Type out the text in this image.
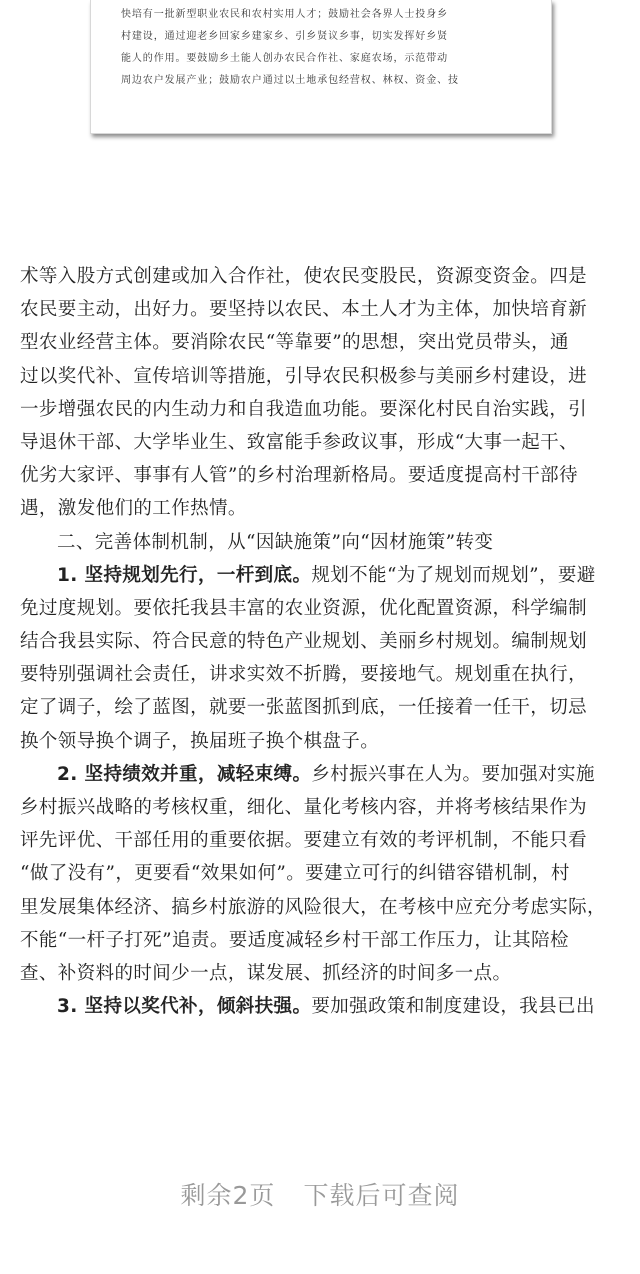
快培有一批新型职业农民和农村实用人才；鼓励社会各界人士投身乡
村建设，通过迎老乡回家乡建家乡、引乡贤议乡事，切实发挥好乡贤
能人的作用。要鼓励乡土能人创办农民合作社、家庭农场，示范带动
周边农户发展产业；鼓励农户通过以土地承包经营权、林权、资金、技
术等入股方式创建或加入合作社，使农民变股民，资源变资金。四是
农民要主动，出好力。要坚持以农民、本土人才为主体，加快培育新
型农业经营主体。要消除农民“等靠要”的思想，突出党员带头，通
过以奖代补、宣传培训等措施，引导农民积极参与美丽乡村建设，进
一步增强农民的内生动力和自我造血功能。要深化村民自治实践，引
导退休干部、大学毕业生、致富能手参政议事，形成“大事一起干、
优劣大家评、事事有人管”的乡村治理新格局。要适度提高村干部待
遇，激发他们的工作热情。
二、完善体制机制，从“因缺施策”向“因材施策”转变
1. 坚持规划先行，一杆到底。规划不能“为了规划而规划”，要避
免过度规划。要依托我县丰富的农业资源，优化配置资源，科学编制
结合我县实际、符合民意的特色产业规划、美丽乡村规划。编制规划
要特别强调社会责任，讲求实效不折腾，要接地气。规划重在执行，
定了调子，绘了蓝图，就要一张蓝图抓到底，一任接着一任干，切忌
换个领导换个调子，换届班子换个棋盘子。
2. 坚持绩效并重，减轻束缚。乡村振兴事在人为。要加强对实施
乡村振兴战略的考核权重，细化、量化考核内容，并将考核结果作为
评先评优、干部任用的重要依据。要建立有效的考评机制，不能只看
“做了没有”，更要看“效果如何”。要建立可行的纠错容错机制，村
里发展集体经济、搞乡村旅游的风险很大，在考核中应充分考虑实际，
不能“一杆子打死”追责。要适度减轻乡村干部工作压力，让其陪检
查、补资料的时间少一点，谋发展、抓经济的时间多一点。
3. 坚持以奖代补，倾斜扶强。要加强政策和制度建设，我县已出
剩余2页 下载后可查阅
